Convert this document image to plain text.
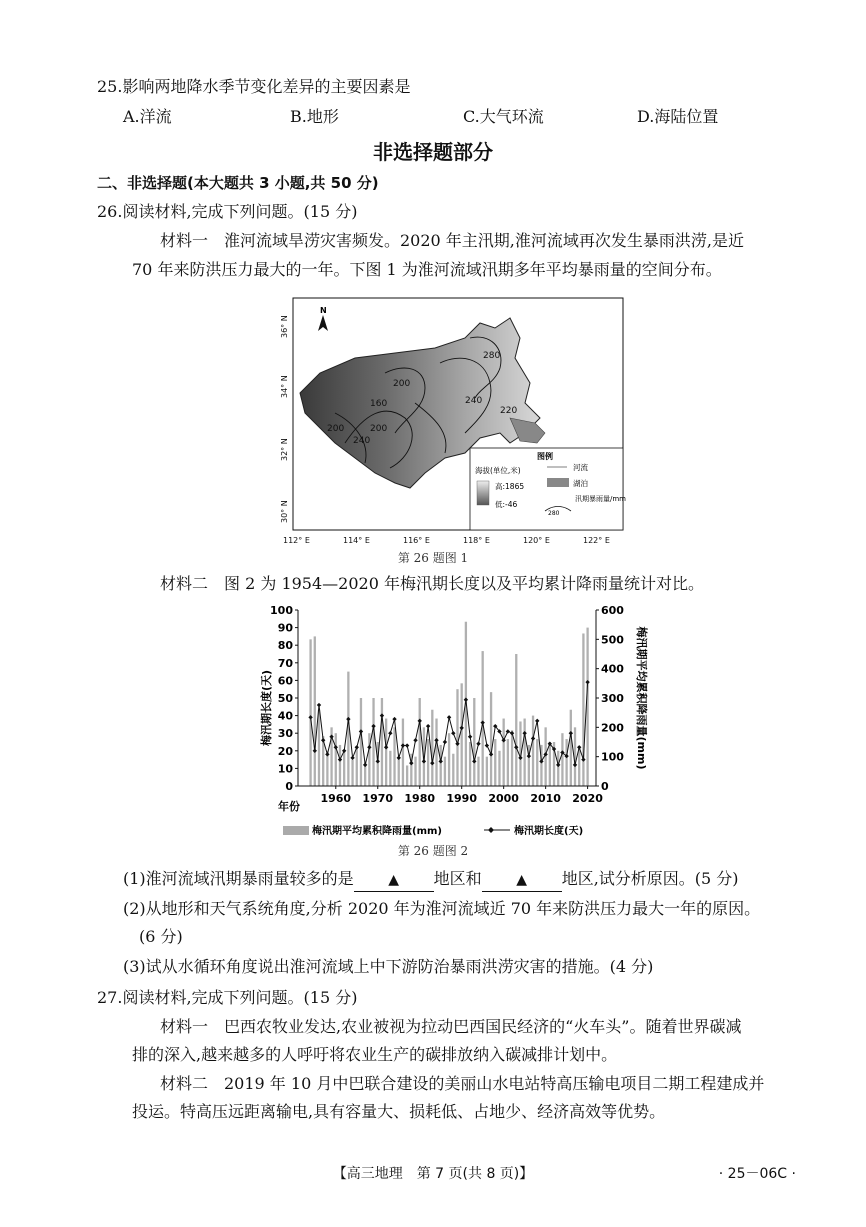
25.影响两地降水季节变化差异的主要因素是
A.洋流	B.地形	C.大气环流	D.海陆位置
非选择题部分
二、非选择题(本大题共 3 小题,共 50 分)
26.阅读材料,完成下列问题。(15 分)
材料一　淮河流域旱涝灾害频发。2020 年主汛期,淮河流域再次发生暴雨洪涝,是近
70 年来防洪压力最大的一年。下图 1 为淮河流域汛期多年平均暴雨量的空间分布。
200
160
200
240
200
240
280
220
N
36° N
34° N
32° N
30° N
112° E	114° E	116° E	118° E	120° E	122° E
图例
海拔(单位,米)
高:1865
低:-46
河流
湖泊
280
汛期暴雨量/mm
第 26 题图 1
材料二　图 2 为 1954—2020 年梅汛期长度以及平均累计降雨量统计对比。
0
10
20
30
40
50
60
70
80
90
100
0
100
200
300
400
500
600
1960 1970 1980 1990 2000 2010 2020
梅汛期长度(天)	梅汛期平均累积降雨量(mm)
年份
梅汛期平均累积降雨量(mm)	梅汛期长度(天)
第 26 题图 2
(1)淮河流域汛期暴雨量较多的是 ▲ 地区和 ▲ 地区,试分析原因。(5 分)
(2)从地形和天气系统角度,分析 2020 年为淮河流域近 70 年来防洪压力最大一年的原因。
(6 分)
(3)试从水循环角度说出淮河流域上中下游防治暴雨洪涝灾害的措施。(4 分)
27.阅读材料,完成下列问题。(15 分)
材料一　巴西农牧业发达,农业被视为拉动巴西国民经济的“火车头”。随着世界碳减
排的深入,越来越多的人呼吁将农业生产的碳排放纳入碳减排计划中。
材料二　2019 年 10 月中巴联合建设的美丽山水电站特高压输电项目二期工程建成并
投运。特高压远距离输电,具有容量大、损耗低、占地少、经济高效等优势。
【高三地理　第 7 页(共 8 页)】	· 25－06C ·
